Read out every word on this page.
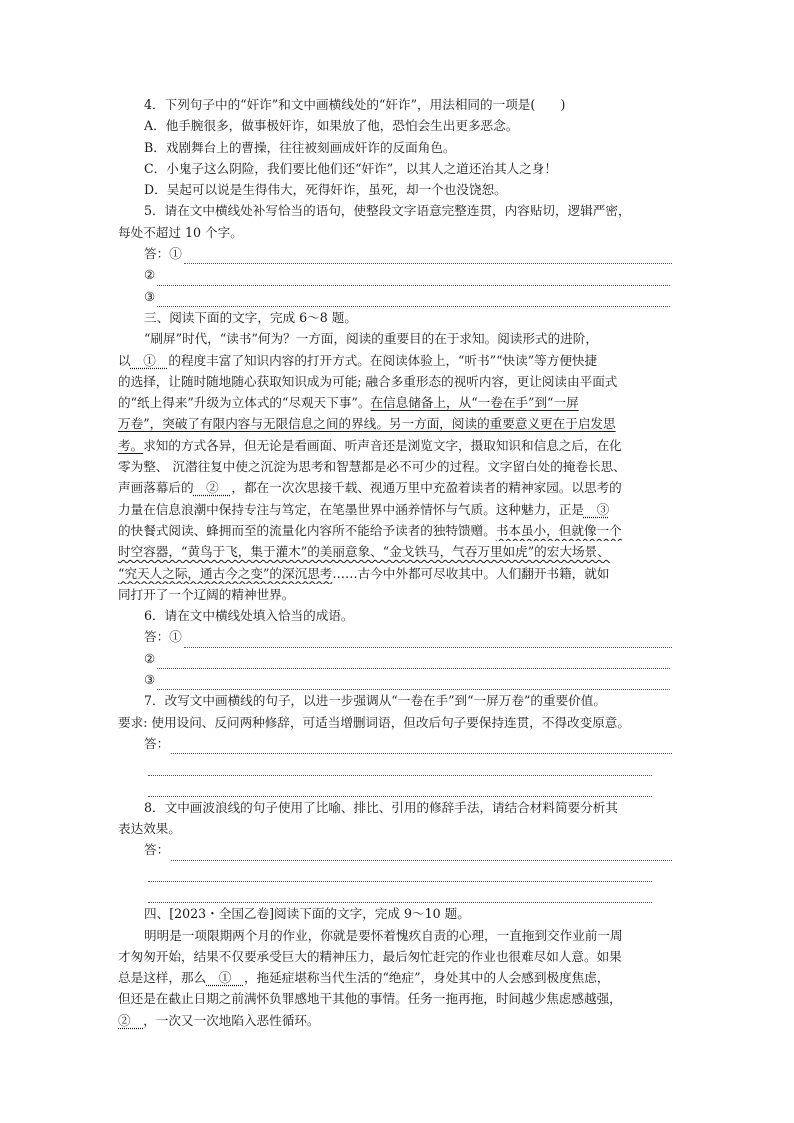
4．下列句子中的“奸诈”和文中画横线处的“奸诈”，用法相同的一项是(　　)
A．他手腕很多，做事极奸诈，如果放了他，恐怕会生出更多恶念。
B．戏剧舞台上的曹操，往往被刻画成奸诈的反面角色。
C．小鬼子这么阴险，我们要比他们还“奸诈”，以其人之道还治其人之身！
D．吴起可以说是生得伟大，死得奸诈，虽死，却一个也没饶恕。
5．请在文中横线处补写恰当的语句，使整段文字语意完整连贯，内容贴切，逻辑严密，
每处不超过 10 个字。
答：①
②
③
三、阅读下面的文字，完成 6～8 题。
“刷屏”时代，“读书”何为？一方面，阅读的重要目的在于求知。阅读形式的进阶，
以　①　的程度丰富了知识内容的打开方式。在阅读体验上，“听书”“快读”等方便快捷
的选择，让随时随地随心获取知识成为可能; 融合多重形态的视听内容，更让阅读由平面式
的“纸上得来”升级为立体式的“尽观天下事”。在信息储备上，从“一卷在手”到“一屏
万卷”，突破了有限内容与无限信息之间的界线。另一方面，阅读的重要意义更在于启发思
考。求知的方式各异，但无论是看画面、听声音还是浏览文字，摄取知识和信息之后，在化
零为整、 沉潜往复中使之沉淀为思考和智慧都是必不可少的过程。文字留白处的掩卷长思、
声画落幕后的　②　，都在一次次思接千载、视通万里中充盈着读者的精神家园。以思考的
力量在信息浪潮中保持专注与笃定，在笔墨世界中涵养情怀与气质。这种魅力，正是　③
的快餐式阅读、蜂拥而至的流量化内容所不能给予读者的独特馈赠。书本虽小，但就像一个
时空容器，“黄鸟于飞，集于灌木”的美丽意象、“金戈铁马，气吞万里如虎”的宏大场景、
“究天人之际，通古今之变”的深沉思考……古今中外都可尽收其中。人们翻开书籍，就如
同打开了一个辽阔的精神世界。
6．请在文中横线处填入恰当的成语。
答：①
②
③
7．改写文中画横线的句子，以进一步强调从“一卷在手”到“一屏万卷”的重要价值。
要求: 使用设问、反问两种修辞，可适当增删词语，但改后句子要保持连贯，不得改变原意。
答：
8．文中画波浪线的句子使用了比喻、排比、引用的修辞手法，请结合材料简要分析其
表达效果。
答：
四、[2023・全国乙卷]阅读下面的文字，完成 9～10 题。
明明是一项限期两个月的作业，你就是要怀着愧疚自责的心理，一直拖到交作业前一周
才匆匆开始，结果不仅要承受巨大的精神压力，最后匆忙赶完的作业也很难尽如人意。如果
总是这样，那么　①　，拖延症堪称当代生活的“绝症”，身处其中的人会感到极度焦虑，
但还是在截止日期之前满怀负罪感地干其他的事情。任务一拖再拖，时间越少焦虑感越强，
②　，一次又一次地陷入恶性循环。
